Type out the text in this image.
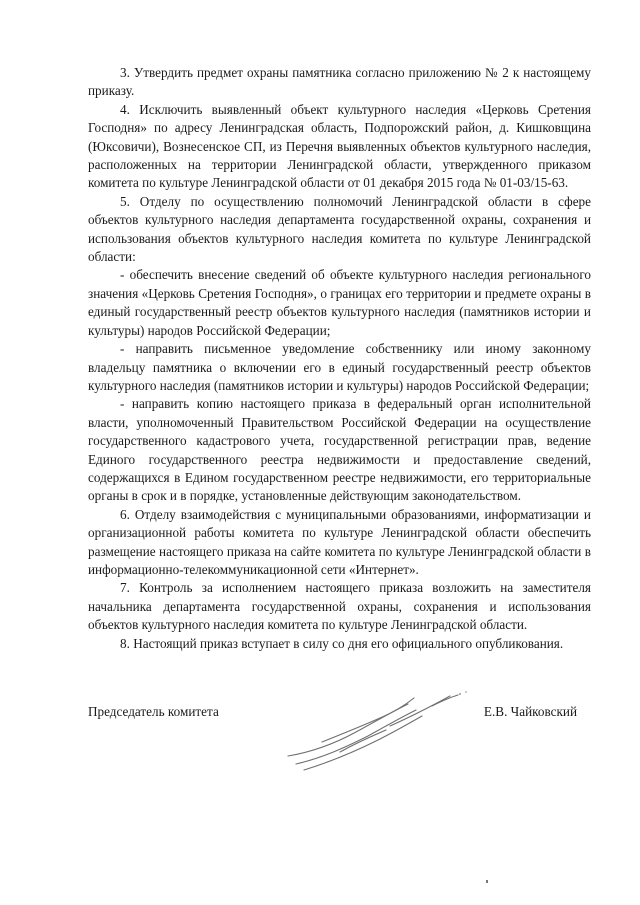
3. Утвердить предмет охраны памятника согласно приложению № 2 к настоящему приказу.

4. Исключить выявленный объект культурного наследия «Церковь Сретения Господня» по адресу Ленинградская область, Подпорожский район, д. Кишковщина (Юксовичи), Вознесенское СП, из Перечня выявленных объектов культурного наследия, расположенных на территории Ленинградской области, утвержденного приказом комитета по культуре Ленинградской области от 01 декабря 2015 года № 01-03/15-63.

5. Отделу по осуществлению полномочий Ленинградской области в сфере объектов культурного наследия департамента государственной охраны, сохранения и использования объектов культурного наследия комитета по культуре Ленинградской области:

- обеспечить внесение сведений об объекте культурного наследия регионального значения «Церковь Сретения Господня», о границах его территории и предмете охраны в единый государственный реестр объектов культурного наследия (памятников истории и культуры) народов Российской Федерации;

- направить письменное уведомление собственнику или иному законному владельцу памятника о включении его в единый государственный реестр объектов культурного наследия (памятников истории и культуры) народов Российской Федерации;

- направить копию настоящего приказа в федеральный орган исполнительной власти, уполномоченный Правительством Российской Федерации на осуществление государственного кадастрового учета, государственной регистрации прав, ведение Единого государственного реестра недвижимости и предоставление сведений, содержащихся в Едином государственном реестре недвижимости, его территориальные органы в срок и в порядке, установленные действующим законодательством.

6. Отделу взаимодействия с муниципальными образованиями, информатизации и организационной работы комитета по культуре Ленинградской области обеспечить размещение настоящего приказа на сайте комитета по культуре Ленинградской области в информационно-телекоммуникационной сети «Интернет».

7. Контроль за исполнением настоящего приказа возложить на заместителя начальника департамента государственной охраны, сохранения и использования объектов культурного наследия комитета по культуре Ленинградской области.

8. Настоящий приказ вступает в силу со дня его официального опубликования.

Председатель комитета	Е.В. Чайковский
